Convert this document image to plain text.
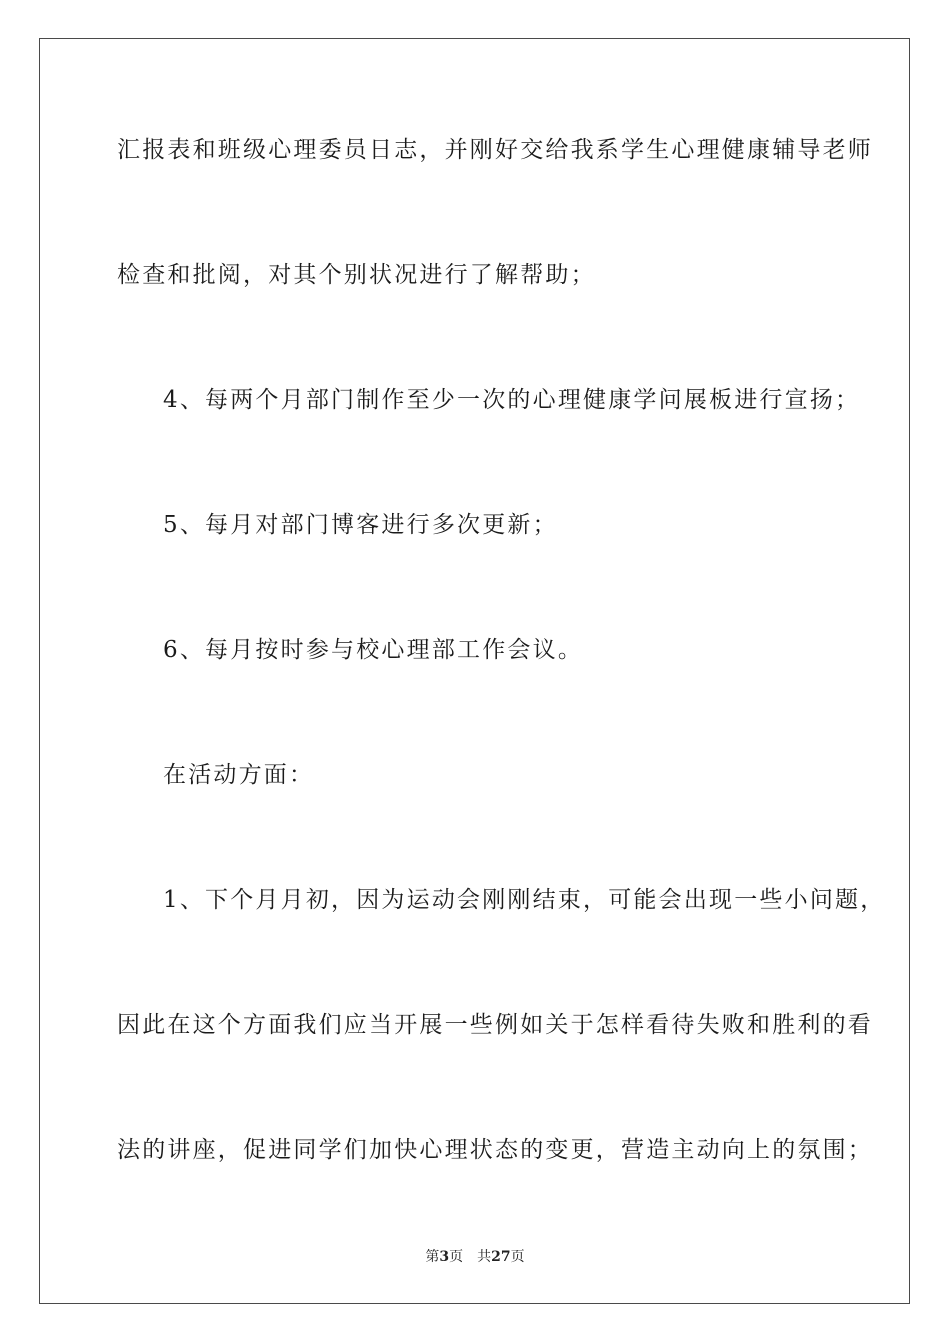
汇报表和班级心理委员日志，并刚好交给我系学生心理健康辅导老师
检查和批阅，对其个别状况进行了解帮助；
4、每两个月部门制作至少一次的心理健康学问展板进行宣扬；
5、每月对部门博客进行多次更新；
6、每月按时参与校心理部工作会议。
在活动方面：
1、下个月月初，因为运动会刚刚结束，可能会出现一些小问题，
因此在这个方面我们应当开展一些例如关于怎样看待失败和胜利的看
法的讲座，促进同学们加快心理状态的变更，营造主动向上的氛围；
第3页 共27页
